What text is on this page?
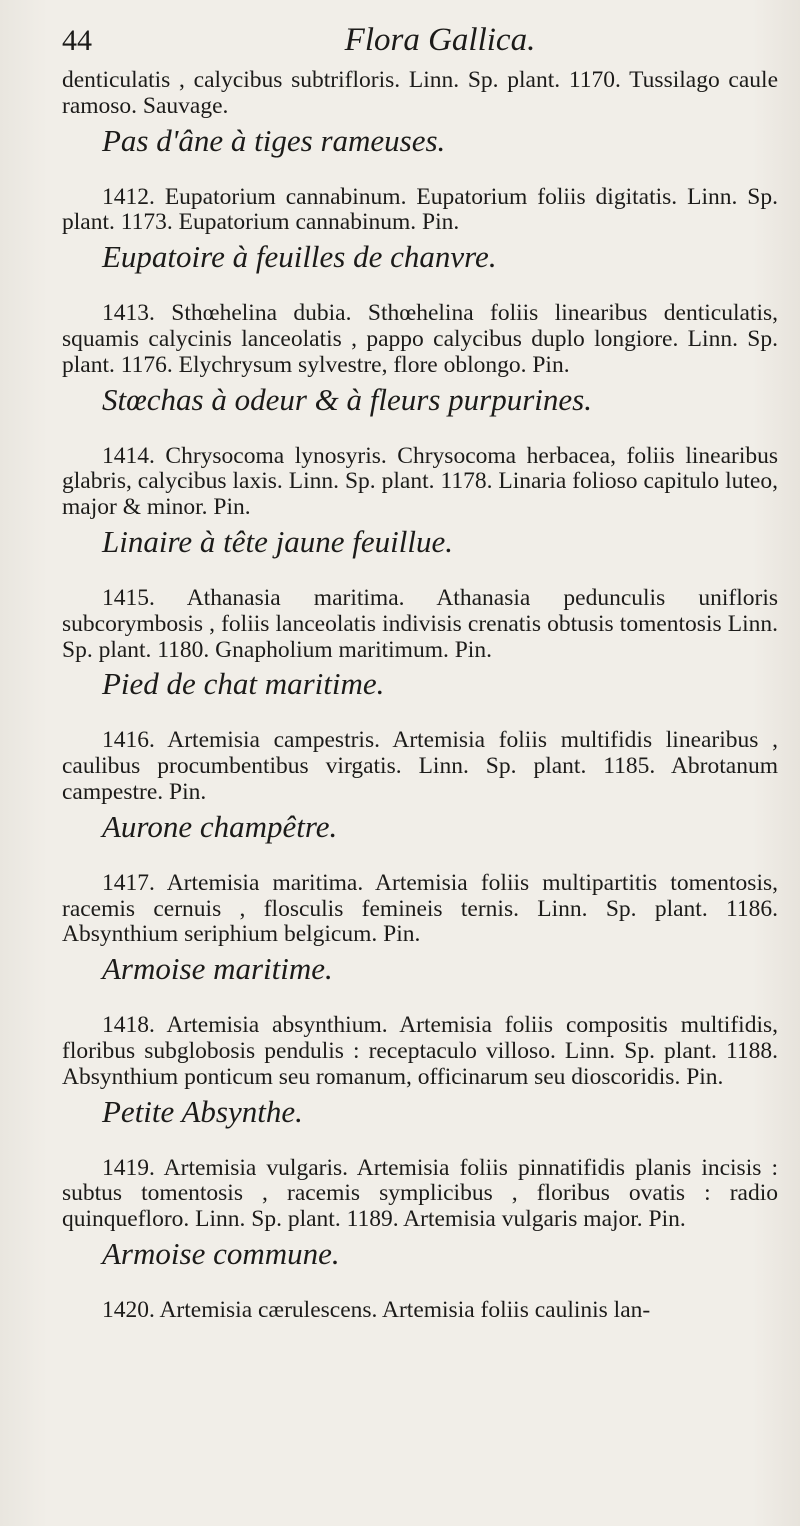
44	Flora Gallica.

denticulatis , calycibus subtrifloris. Linn. Sp. plant. 1170. Tussilago caule ramoso. Sauvage.

Pas d'âne à tiges rameuses.

1412. Eupatorium cannabinum. Eupatorium foliis digitatis. Linn. Sp. plant. 1173. Eupatorium cannabinum. Pin.

Eupatoire à feuilles de chanvre.

1413. Sthœhelina dubia. Sthœhelina foliis linearibus denticulatis, squamis calycinis lanceolatis , pappo calycibus duplo longiore. Linn. Sp. plant. 1176. Elychrysum sylvestre, flore oblongo. Pin.

Stœchas à odeur & à fleurs purpurines.

1414. Chrysocoma lynosyris. Chrysocoma herbacea, foliis linearibus glabris, calycibus laxis. Linn. Sp. plant. 1178. Linaria folioso capitulo luteo, major & minor. Pin.

Linaire à tête jaune feuillue.

1415. Athanasia maritima. Athanasia pedunculis unifloris subcorymbosis , foliis lanceolatis indivisis crenatis obtusis tomentosis Linn. Sp. plant. 1180. Gnapholium maritimum. Pin.

Pied de chat maritime.

1416. Artemisia campestris. Artemisia foliis multifidis linearibus , caulibus procumbentibus virgatis. Linn. Sp. plant. 1185. Abrotanum campestre. Pin.

Aurone champêtre.

1417. Artemisia maritima. Artemisia foliis multipartitis tomentosis, racemis cernuis , flosculis femineis ternis. Linn. Sp. plant. 1186. Absynthium seriphium belgicum. Pin.

Armoise maritime.

1418. Artemisia absynthium. Artemisia foliis compositis multifidis, floribus subglobosis pendulis : receptaculo villoso. Linn. Sp. plant. 1188. Absynthium ponticum seu romanum, officinarum seu dioscoridis. Pin.

Petite Absynthe.

1419. Artemisia vulgaris. Artemisia foliis pinnatifidis planis incisis : subtus tomentosis , racemis symplicibus , floribus ovatis : radio quinquefloro. Linn. Sp. plant. 1189. Artemisia vulgaris major. Pin.

Armoise commune.

1420. Artemisia cærulescens. Artemisia foliis caulinis lan-
